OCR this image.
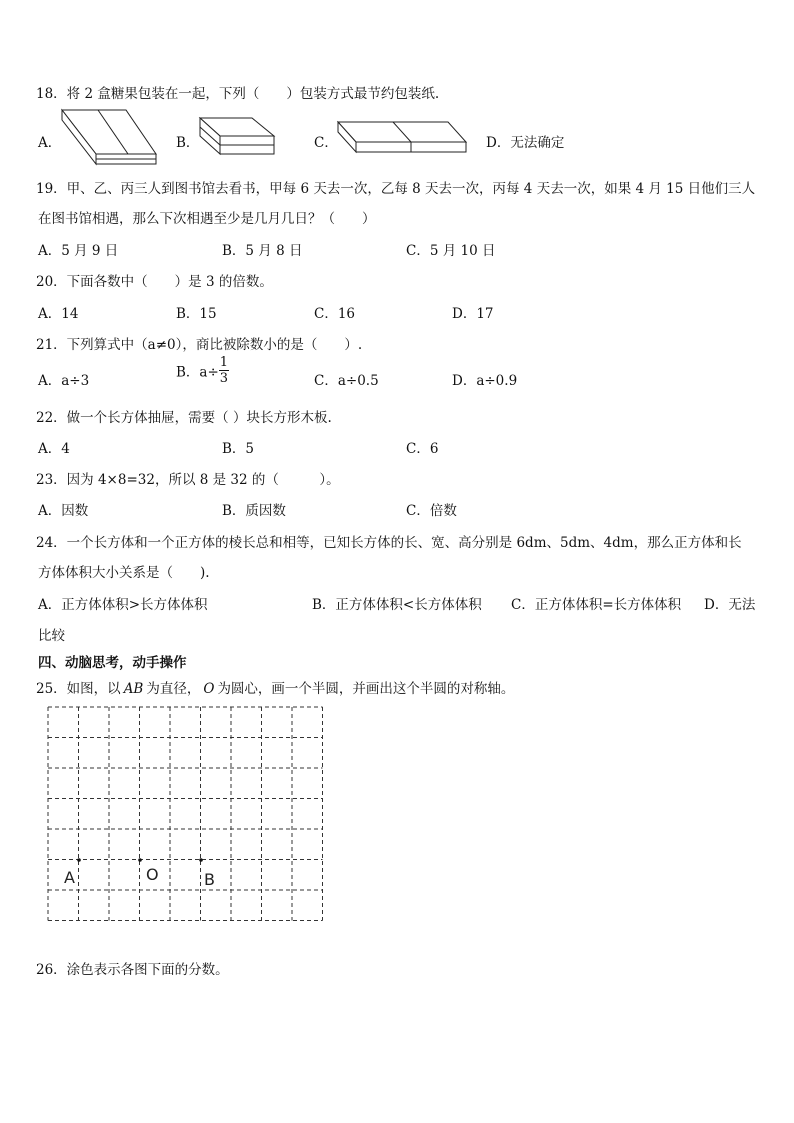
18．将 2 盒糖果包装在一起，下列（　　）包装方式最节约包装纸.
A．	B．	C．	D．无法确定
19．甲、乙、丙三人到图书馆去看书，甲每 6 天去一次，乙每 8 天去一次，丙每 4 天去一次，如果 4 月 15 日他们三人
在图书馆相遇，那么下次相遇至少是几月几日？（　　）
A．5 月 9 日	B．5 月 8 日	C．5 月 10 日
20．下面各数中（　　）是 3 的倍数。
A．14	B．15	C．16	D．17
21．下列算式中（a≠0），商比被除数小的是（　　）.
A．a÷3
B．$a\div \frac{1}{3}$	C．a÷0.5	D．a÷0.9
22．做一个长方体抽屉，需要（ ）块长方形木板.
A．4	B．5	C．6
23．因为 4×8=32，所以 8 是 32 的（　　　）。
A．因数	B．质因数	C．倍数
24．一个长方体和一个正方体的棱长总和相等，已知长方体的长、宽、高分别是 6dm、5dm、4dm，那么正方体和长
方体体积大小关系是（　　).
A．正方体体积>长方体体积	B．正方体体积<长方体体积 C．正方体体积=长方体体积 D．无法
比较
四、动脑思考，动手操作
25．如图，以 AB 为直径， O 为圆心，画一个半圆，并画出这个半圆的对称轴。
A	O	B
26．涂色表示各图下面的分数。
